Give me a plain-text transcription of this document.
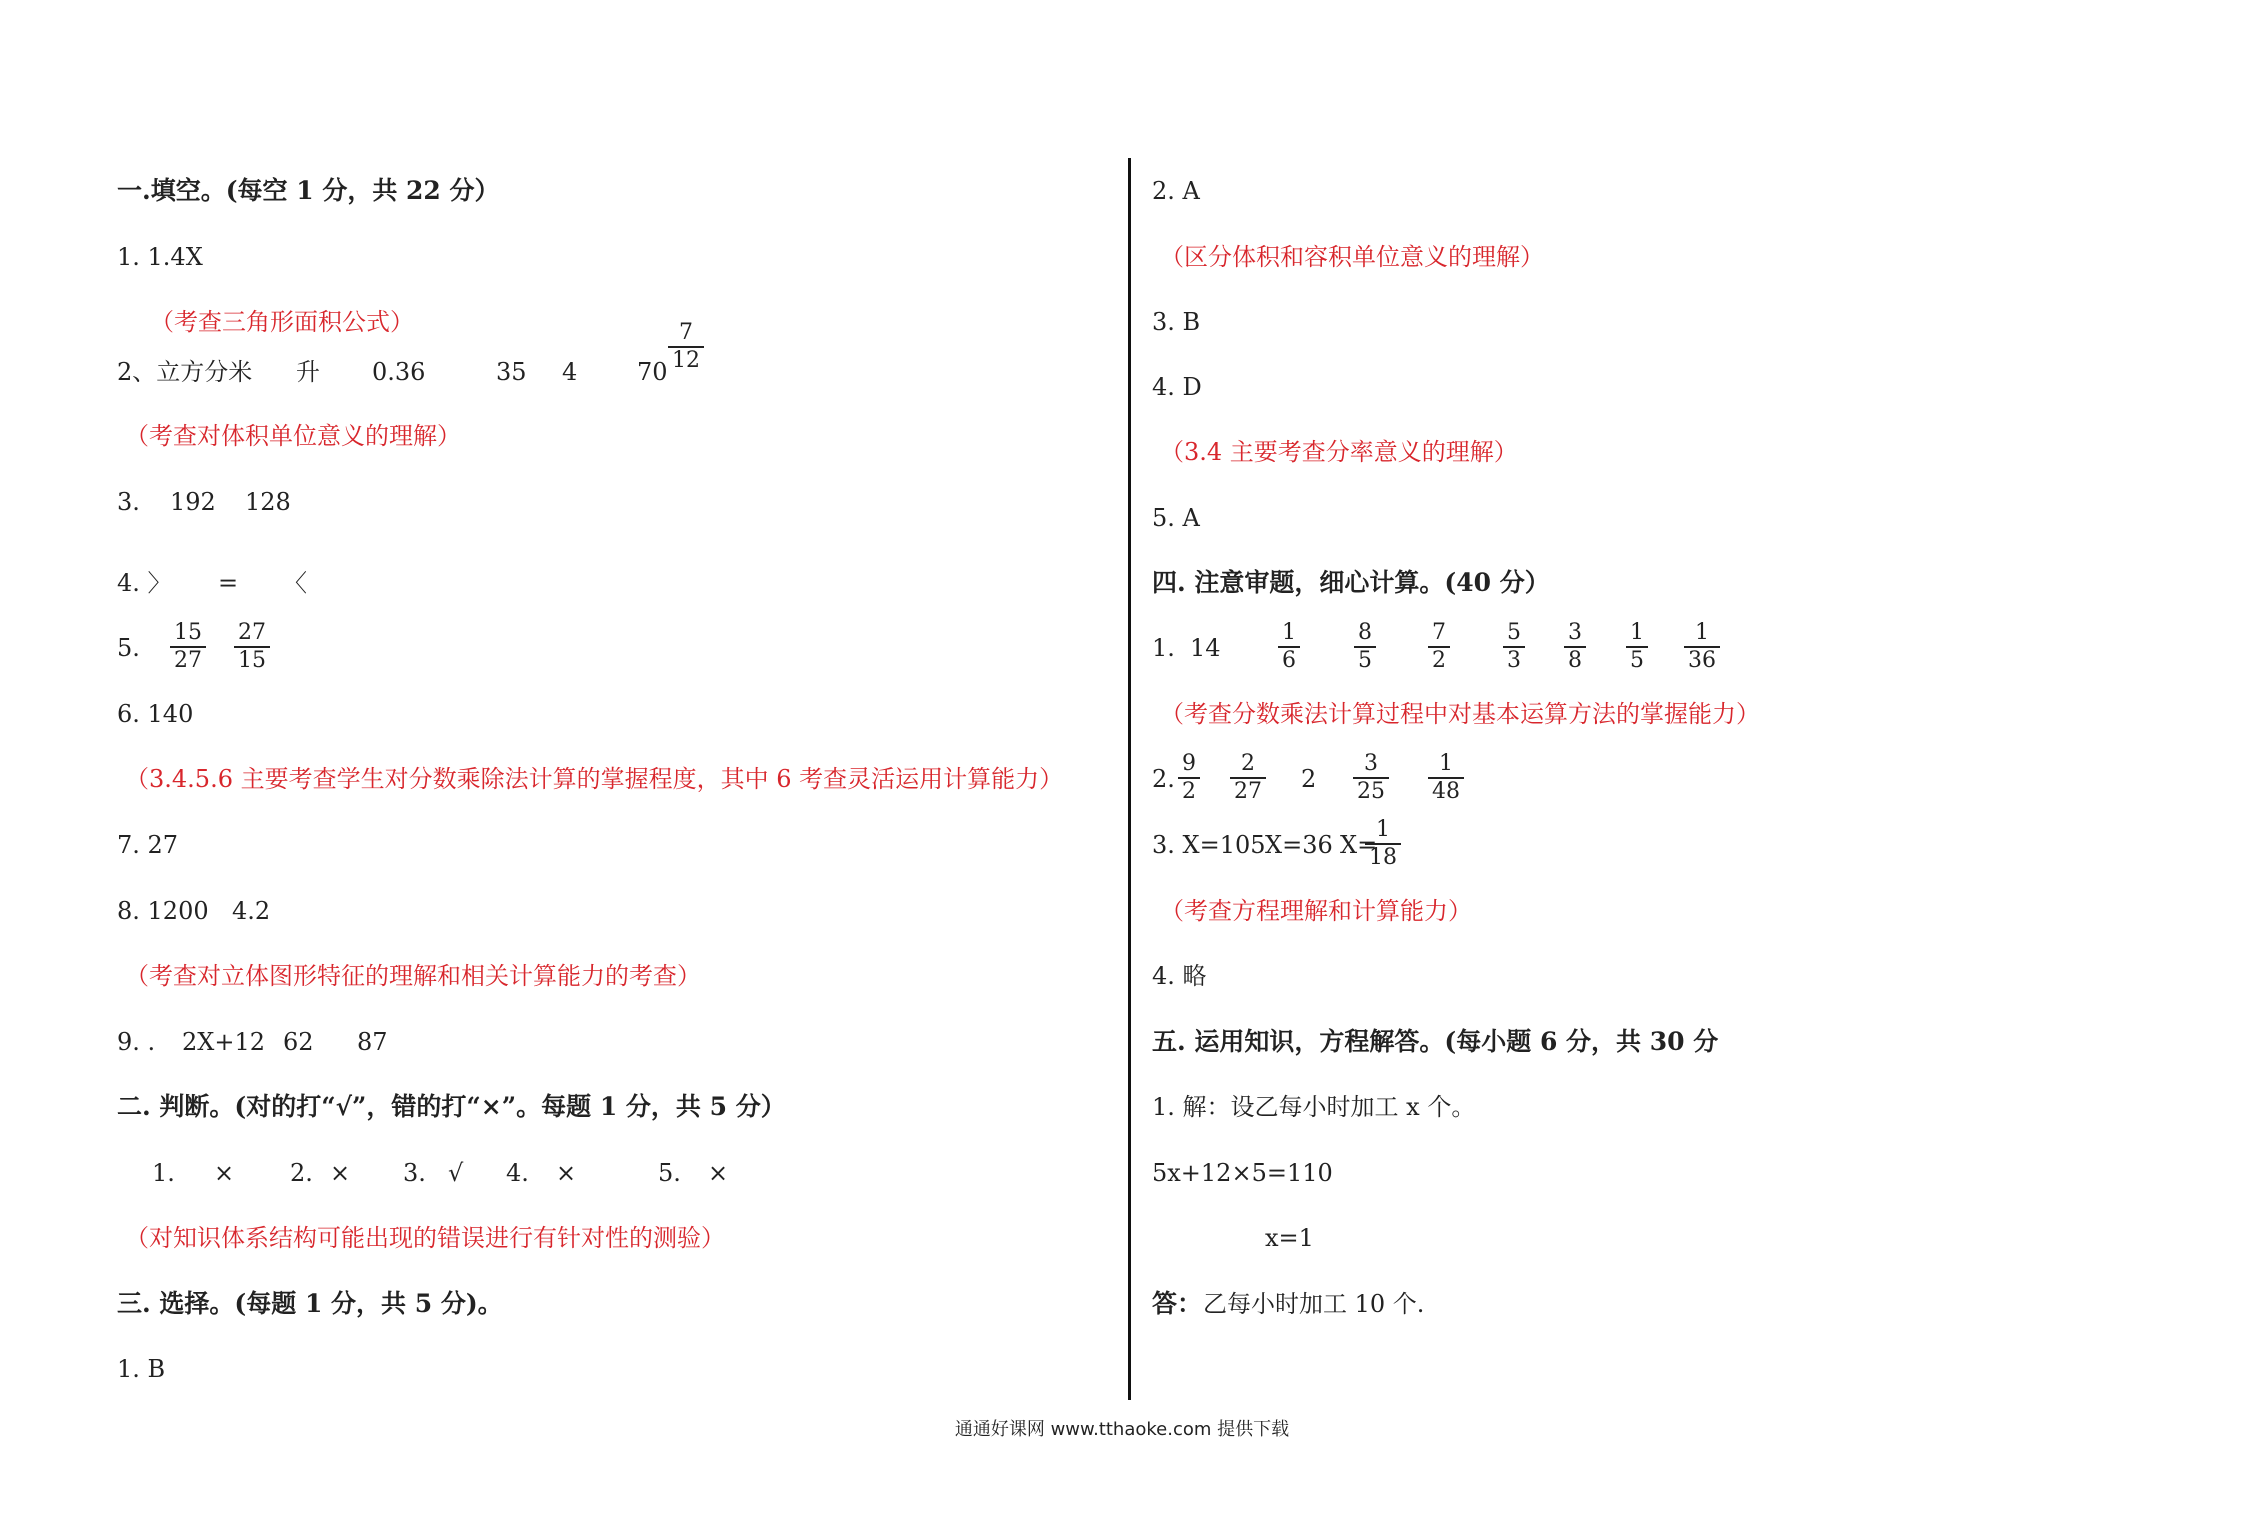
一.填空。(每空 1 分，共 22 分）
1. 1.4X
（考查三角形面积公式）
2、立方分米 升 0.36	35 4 70
7
12
（考查对体积单位意义的理解）
3. 192 128
4. 〉 = 〈
5.
15
27
27
15
6. 140
（3.4.5.6 主要考查学生对分数乘除法计算的掌握程度，其中 6 考查灵活运用计算能力）
7. 27
8. 1200 4.2
（考查对立体图形特征的理解和相关计算能力的考查）
9. . 2X+12 62 87
二. 判断。(对的打“√”，错的打“×”。每题 1 分，共 5 分）
1. × 2. × 3. √ 4. ×	5. ×
（对知识体系结构可能出现的错误进行有针对性的测验）
三. 选择。(每题 1 分，共 5 分)。
1. B
2. A
（区分体积和容积单位意义的理解）
3. B
4. D
（3.4 主要考查分率意义的理解）
5. A
四. 注意审题，细心计算。(40 分）
1. 14
1
6
8
5
7
2
5
3
3
8
1
5
1
36
（考查分数乘法计算过程中对基本运算方法的掌握能力）
2.
9
2
2
27 2
3
25
1
48
3. X=105 X=36 X=
1
18
（考查方程理解和计算能力）
4. 略
五. 运用知识，方程解答。(每小题 6 分，共 30 分
1. 解：设乙每小时加工 x 个。
5x+12×5=110
x=1
答： 乙每小时加工 10 个.
通通好课网 www.tthaoke.com 提供下载
